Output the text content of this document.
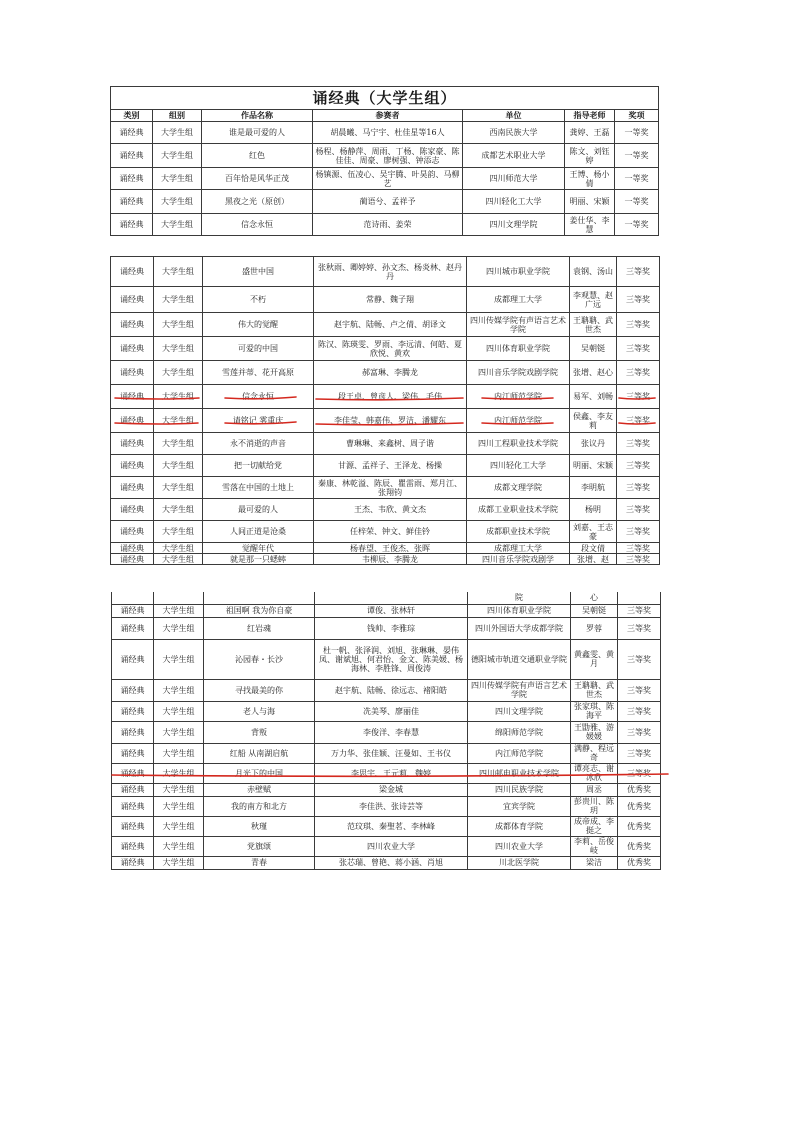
诵经典（大学生组）						
类别	组别	作品名称	参赛者	单位	指导老师	奖项
诵经典	大学生组	谁是最可爱的人	胡晨曦、马宁宇、杜佳星等16人	西南民族大学	龚婷、王磊	一等奖
诵经典	大学生组	红色	杨程、杨静萍、周雨、丁杨、陈家豪、陈佳佳、周豪、廖树强、钟添志	成都艺术职业大学	陈文、刘钰婷	一等奖
诵经典	大学生组	百年恰是风华正茂	杨镇源、伍凌心、吴宇腾、叶昊韵、马柳艺	四川师范大学	王博、杨小倩	一等奖
诵经典	大学生组	黑夜之光（原创）	蔺语兮、孟祥予	四川轻化工大学	明丽、宋颖	一等奖
诵经典	大学生组	信念永恒	范诗雨、姜荣	四川文理学院	姜仕华、李慧	一等奖
诵经典	大学生组	盛世中国	张秋雨、卿婷婷、孙文杰、杨炎林、赵丹丹	四川城市职业学院	袁钢、汤山	三等奖
诵经典	大学生组	不朽	常静、魏子翔	成都理工大学	李观慧、赵广远	三等奖
诵经典	大学生组	伟大的觉醒	赵宇航、陆畅、卢之倩、胡译文	四川传媒学院有声语言艺术学院	王聃聃、武世杰	三等奖
诵经典	大学生组	可爱的中国	陈汉、陈瑛雯、罗雨、李远清、何皓、夏欣悦、黄欢	四川体育职业学院	吴朝铤	三等奖
诵经典	大学生组	雪莲并蒂、花开高原	郝富琳、李腾龙	四川音乐学院戏剧学院	张增、赵心	三等奖
诵经典	大学生组	信念永恒	段王卓、曾彦人、梁伟、毛伟	内江师范学院	易军、刘畅	三等奖
诵经典	大学生组	请铭记 雾重庆	李佳莹、韩嘉伟、罗洁、潘耀东	内江师范学院	侯鑫、李友莉	三等奖
诵经典	大学生组	永不消逝的声音	曹琳琳、来鑫树、周子谐	四川工程职业技术学院	张议丹	三等奖
诵经典	大学生组	把一切献给党	甘源、孟祥子、王泽龙、杨操	四川轻化工大学	明丽、宋颖	三等奖
诵经典	大学生组	雪落在中国的土地上	秦康、林乾溢、陈辰、瞿雷雨、郑月江、张翔钧	成都文理学院	李明航	三等奖
诵经典	大学生组	最可爱的人	王杰、韦欣、黄文杰	成都工业职业技术学院	杨明	三等奖
诵经典	大学生组	人间正道是沧桑	任梓荣、钟文、鲜佳钤	成都职业技术学院	刘嘉、王志豪	三等奖
诵经典	大学生组	觉醒年代	杨春望、王俊杰、张晖	成都理工大学	段文倩	三等奖
诵经典	大学生组	就是那一只蟋蟀	韦柳辰、李腾龙	四川音乐学院戏剧学	张增、赵	三等奖
				院	心	
诵经典	大学生组	祖国啊 我为你自豪	谭俊、张林轩	四川体育职业学院	吴朝铤	三等奖
诵经典	大学生组	红岩魂	钱帅、李雅琮	四川外国语大学成都学院	罗蓉	三等奖
诵经典	大学生组	沁园春・长沙	杜一帆、张泽润、刘旭、张琳琳、晏伟凤、谢斌旭、何君怡、金文、陈美媛、杨海林、李胜锋、周俊涛	德阳城市轨道交通职业学院	黄鑫雯、黄月	三等奖
诵经典	大学生组	寻找最美的你	赵宇航、陆畅、徐远志、褚阳皓	四川传媒学院有声语言艺术学院	王聃聃、武世杰	三等奖
诵经典	大学生组	老人与海	冼美琴、廖丽佳	四川文理学院	张家琪、陈海平	三等奖
诵经典	大学生组	背叛	李俊洋、李春慧	绵阳师范学院	王勖雅、游媛媛	三等奖
诵经典	大学生组	红船 从南湖启航	万力华、张佳颖、汪曼如、王书仪	内江师范学院	满静、程远奇	三等奖
诵经典	大学生组	月光下的中国	李思宇、王元莉、魏婷	四川邮电职业技术学院	谭亮志、谢冰欣	三等奖
诵经典	大学生组	赤壁赋	梁金城	四川民族学院	周丞	优秀奖
诵经典	大学生组	我的南方和北方	李佳洪、张诗芸等	宜宾学院	彭贵川、陈玥	优秀奖
诵经典	大学生组	秋瑾	范玟琪、秦聖茗、李林峰	成都体育学院	成帝成、李挺之	优秀奖
诵经典	大学生组	党旗颂	四川农业大学	四川农业大学	李莉、岳俊岐	优秀奖
诵经典	大学生组	青春	张芯瑞、曾艳、蒋小涵、肖旭	川北医学院	梁洁	优秀奖
